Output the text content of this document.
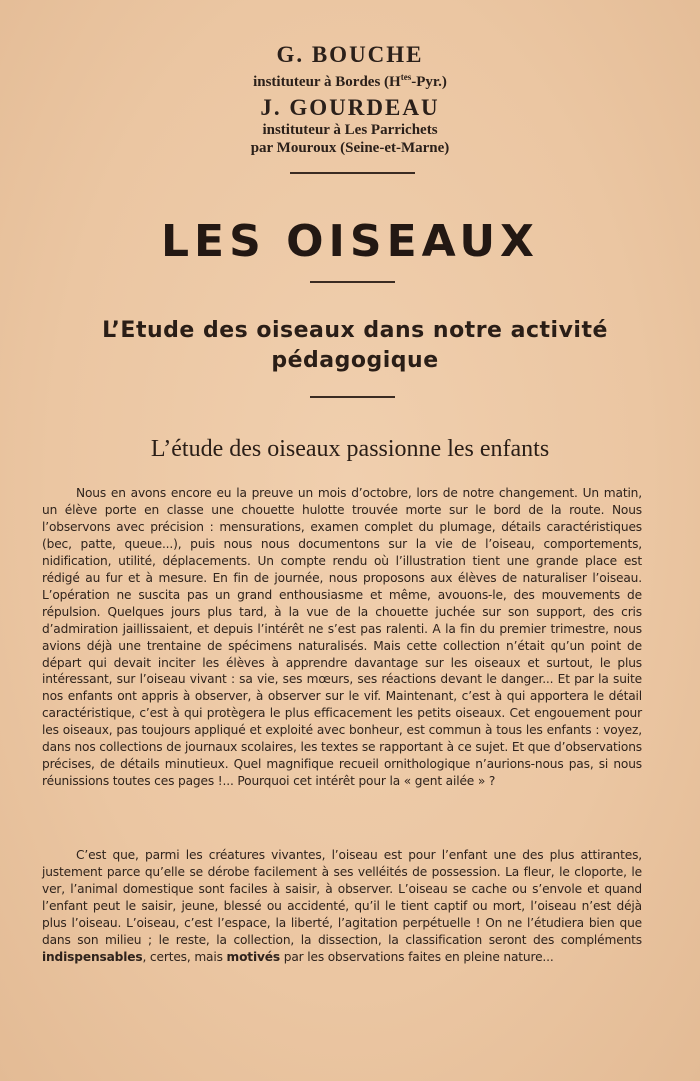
G. BOUCHE
instituteur à Bordes $(H^{tes}-Pyr.)$
J. GOURDEAU
instituteur à Les Parrichets
par Mouroux (Seine-et-Marne)
LES OISEAUX
L’Etude des oiseaux dans notre activité pédagogique
L’étude des oiseaux passionne les enfants
Nous en avons encore eu la preuve un mois d’octobre, lors de notre changement. Un matin, un élève porte en classe une chouette hulotte trouvée morte sur le bord de la route. Nous l’observons avec précision : mensurations, examen complet du plumage, détails caractéristiques (bec, patte, queue...), puis nous nous documentons sur la vie de l’oiseau, comportements, nidification, utilité, déplacements. Un compte rendu où l’illustration tient une grande place est rédigé au fur et à mesure. En fin de journée, nous proposons aux élèves de naturaliser l’oiseau. L’opération ne suscita pas un grand enthousiasme et même, avouons-le, des mouvements de répulsion. Quelques jours plus tard, à la vue de la chouette juchée sur son support, des cris d’admiration jaillissaient, et depuis l’intérêt ne s’est pas ralenti. A la fin du premier trimestre, nous avions déjà une trentaine de spécimens naturalisés. Mais cette collection n’était qu’un point de départ qui devait inciter les élèves à apprendre davantage sur les oiseaux et surtout, le plus intéressant, sur l’oiseau vivant : sa vie, ses mœurs, ses réactions devant le danger... Et par la suite nos enfants ont appris à observer, à observer sur le vif. Maintenant, c’est à qui apportera le détail caractéristique, c’est à qui protègera le plus efficacement les petits oiseaux. Cet engouement pour les oiseaux, pas toujours appliqué et exploité avec bonheur, est commun à tous les enfants : voyez, dans nos collections de journaux scolaires, les textes se rapportant à ce sujet. Et que d’observations précises, de détails minutieux. Quel magnifique recueil ornithologique n’aurions-nous pas, si nous réunissions toutes ces pages !... Pourquoi cet intérêt pour la « gent ailée » ?
C’est que, parmi les créatures vivantes, l’oiseau est pour l’enfant une des plus attirantes, justement parce qu’elle se dérobe facilement à ses velléités de possession. La fleur, le cloporte, le ver, l’animal domestique sont faciles à saisir, à observer. L’oiseau se cache ou s’envole et quand l’enfant peut le saisir, jeune, blessé ou accidenté, qu’il le tient captif ou mort, l’oiseau n’est déjà plus l’oiseau. L’oiseau, c’est l’espace, la liberté, l’agitation perpétuelle ! On ne l’étudiera bien que dans son milieu ; le reste, la collection, la dissection, la classification seront des compléments indispensables, certes, mais motivés par les observations faites en pleine nature...
